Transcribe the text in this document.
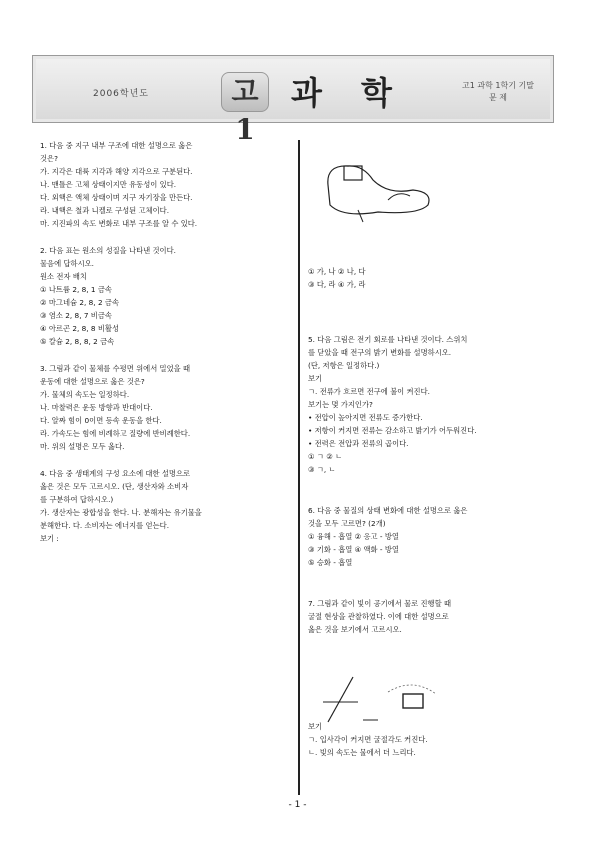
2006학년도	고1
과 학	고1 과학 1학기 기말
문 제

1. 다음 중 지구 내부 구조에 대한 설명으로 옳은

것은?

가. 지각은 대륙 지각과 해양 지각으로 구분된다.

나. 맨틀은 고체 상태이지만 유동성이 있다.

다. 외핵은 액체 상태이며 지구 자기장을 만든다.

라. 내핵은 철과 니켈로 구성된 고체이다.

마. 지진파의 속도 변화로 내부 구조를 알 수 있다.

2. 다음 표는 원소의 성질을 나타낸 것이다.

물음에 답하시오.

원소 전자 배치

① 나트륨 2, 8, 1 금속

② 마그네슘 2, 8, 2 금속

③ 염소 2, 8, 7 비금속

④ 아르곤 2, 8, 8 비활성

⑤ 칼슘 2, 8, 8, 2 금속

3. 그림과 같이 물체를 수평면 위에서 밀었을 때

운동에 대한 설명으로 옳은 것은?

가. 물체의 속도는 일정하다.

나. 마찰력은 운동 방향과 반대이다.

다. 알짜 힘이 0이면 등속 운동을 한다.

라. 가속도는 힘에 비례하고 질량에 반비례한다.

마. 위의 설명은 모두 옳다.

4. 다음 중 생태계의 구성 요소에 대한 설명으로

옳은 것은 모두 고르시오. (단, 생산자와 소비자

를 구분하여 답하시오.)

가. 생산자는 광합성을 한다. 나. 분해자는 유기물을

분해한다. 다. 소비자는 에너지를 얻는다.

보기 :

① 가, 나 ② 나, 다

③ 다, 라 ④ 가, 라

5. 다음 그림은 전기 회로를 나타낸 것이다. 스위치

를 닫았을 때 전구의 밝기 변화를 설명하시오.

(단, 저항은 일정하다.)

보기

ㄱ. 전류가 흐르면 전구에 불이 켜진다.

보기는 몇 가지인가?

• 전압이 높아지면 전류도 증가한다.

• 저항이 커지면 전류는 감소하고 밝기가 어두워진다.

• 전력은 전압과 전류의 곱이다.

① ㄱ ② ㄴ

③ ㄱ, ㄴ

6. 다음 중 물질의 상태 변화에 대한 설명으로 옳은

것을 모두 고르면? (2개)

① 융해 - 흡열 ② 응고 - 방열

③ 기화 - 흡열 ④ 액화 - 방열

⑤ 승화 - 흡열

7. 그림과 같이 빛이 공기에서 물로 진행할 때

굴절 현상을 관찰하였다. 이에 대한 설명으로

옳은 것을 보기에서 고르시오.

보기

ㄱ. 입사각이 커지면 굴절각도 커진다.

ㄴ. 빛의 속도는 물에서 더 느리다.

- 1 -
